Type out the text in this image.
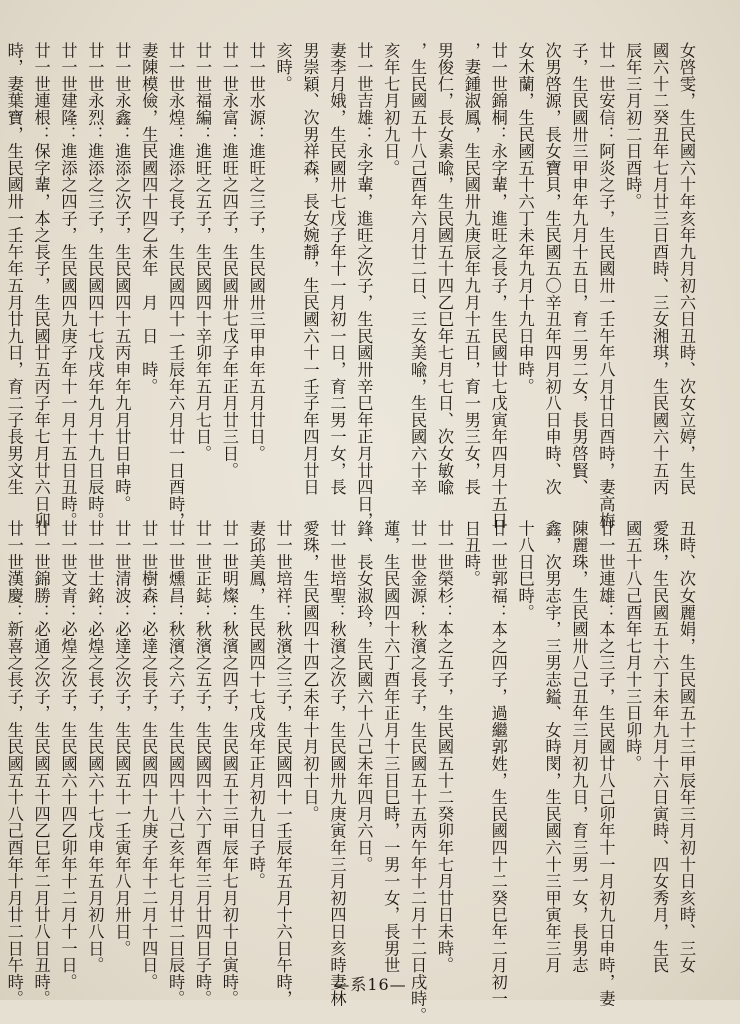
女啓雯，生民國六十年亥年九月初六日丑時、次女立婷，生民
國六十二癸丑年七月廿三日酉時、三女湘琪，生民國六十五丙
辰年三月初二日酉時。
廿一世安信：阿炎之子，生民國卅一壬午年八月廿日酉時，妻高梅
子，生民國卅三甲申年九月十五日，育二男二女，長男啓賢、
次男啓源，長女寶貝，生民國五〇辛丑年四月初八日申時、次
女木蘭，生民國五十六丁未年九月十九日申時。
廿一世錦桐：永字輩，進旺之長子，生民國廿七戊寅年四月十五日
，妻鍾淑鳳，生民國卅九庚辰年九月十五日，育一男三女，長
男俊仁，長女素喩，生民國五十四乙巳年七月七日、次女敏喩
，生民國五十八己酉年六月廿二日、三女美喩，生民國六十辛
亥年七月初九日。
廿一世吉雄：永字輩，進旺之次子，生民國卅辛巳年正月廿四日，
妻李月娥，生民國卅七戊子年十一月初一日，育二男一女，長
男崇穎、次男祥森，長女婉靜，生民國六十一壬子年四月廿日
亥時。
廿一世水源：進旺之三子，生民國卅三甲申年五月廿日。
廿一世永富：進旺之四子，生民國卅七戊子年正月廿三日。
廿一世福編：進旺之五子，生民國四十辛卯年五月七日。
廿一世永煌：進添之長子，生民國四十一壬辰年六月廿一日酉時，
妻陳模儉，生民國四十四乙未年　月　日　時。
廿一世永鑫：進添之次子，生民國四十五丙申年九月廿日申時。
廿一世永烈：進添之三子，生民國四十七戊戌年九月十九日辰時。
廿一世建隆：進添之四子，生民國四九庚子年十一月十五日丑時。
廿一世連根：保字輩，本之長子，生民國廿五丙子年七月廿六日卯
時，妻葉寶，生民國卅一壬午年五月廿九日，育二子長男文生
丑時、次女麗娟，生民國五十三甲辰年三月初十日亥時、三女
愛珠，生民國五十六丁未年九月十六日寅時、四女秀月，生民
國五十八己酉年七月十三日卯時。
廿一世連雄：本之三子，生民國廿八己卯年十一月初九日申時，妻
陳麗珠，生民國卅八己丑年三月初九日，育三男一女，長男志
鑫，次男志宇，三男志鎰、女時閔，生民國六十三甲寅年三月
十八日巳時。
廿一世郭福：本之四子，過繼郭姓，生民國四十二癸巳年二月初一
日丑時。
廿一世榮杉：本之五子，生民國五十二癸卯年七月廿日未時。
廿一世金源：秋濱之長子，生民國五十五丙午年十二月十二日戌時。
蓮，生民國四十六丁酉年正月十三日巳時，一男一女，長男世
鋒、長女淑玲，生民國六十八己未年四月六日。
廿一世培聖：秋濱之次子，生民國卅九庚寅年三月初四日亥時妻林
愛珠，生民國四十四乙未年十月初十日。
廿一世培祥：秋濱之三子，生民國四十一壬辰年五月十六日午時，
妻邱美鳳，生民國四十七戊戌年正月初九日子時。
廿一世明燦：秋濱之四子，生民國五十三甲辰年七月初十日寅時。
廿一世正鋕：秋濱之五子，生民國四十六丁酉年三月廿四日子時。
廿一世燻昌：秋濱之六子，生民國四十八己亥年七月廿二日辰時。
廿一世樹森：必達之長子，生民國四十九庚子年十二月十四日。
廿一世清波：必達之次子，生民國五十一壬寅年八月卅日。
廿一世士銘：必煌之長子，生民國六十七戊申年五月初八日。
廿一世文青：必煌之次子，生民國六十四乙卯年十二月十一日。
廿一世錦勝：必通之次子，生民國五十四乙巳年二月廿八日丑時。
廿一世漢慶：新喜之長子，生民國五十八己酉年十月廿二日午時。	—系16—
